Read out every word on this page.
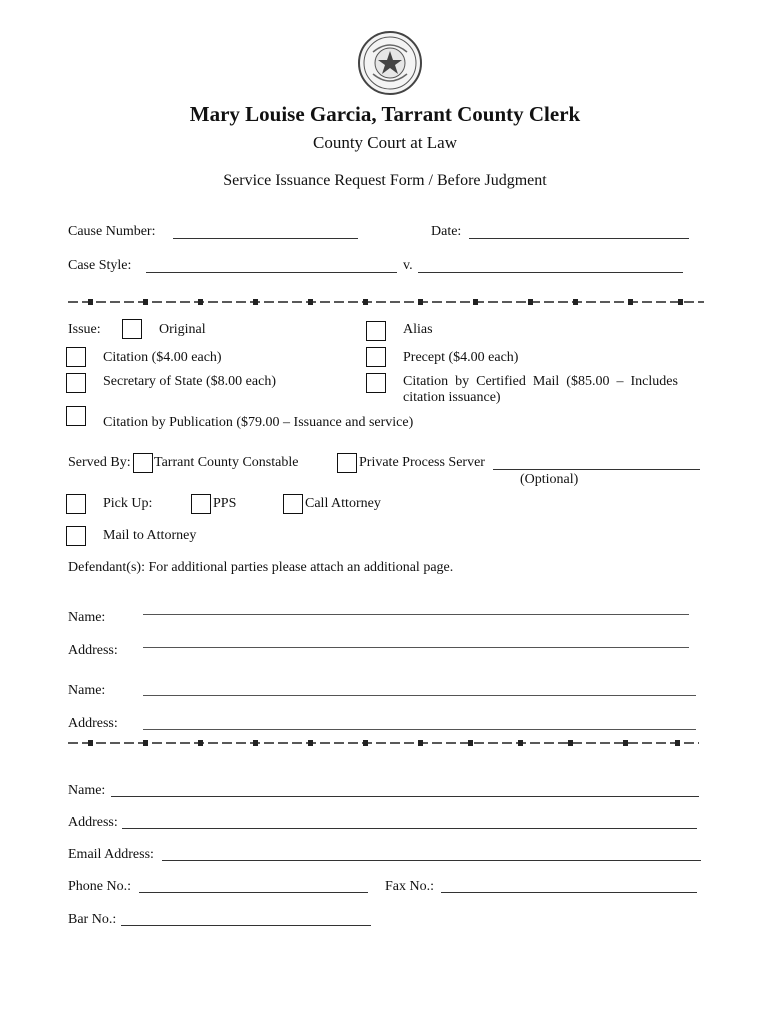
Mary Louise Garcia, Tarrant County Clerk
County Court at Law
Service Issuance Request Form / Before Judgment
Cause Number:	Date:
Case Style:	v.
Issue:	Original	Alias
Citation ($4.00 each)	Precept ($4.00 each)
Secretary of State ($8.00 each)	Citation  by  Certified  Mail  ($85.00  –  Includes
citation issuance)
Citation by Publication ($79.00 – Issuance and service)
Served By: Tarrant County Constable	Private Process Server
(Optional)
Pick Up:	PPS	Call Attorney
Mail to Attorney
Defendant(s): For additional parties please attach an additional page.
Name:
Address:
Name:
Address:
Name:
Address:
Email Address:
Phone No.:	Fax No.:
Bar No.:
